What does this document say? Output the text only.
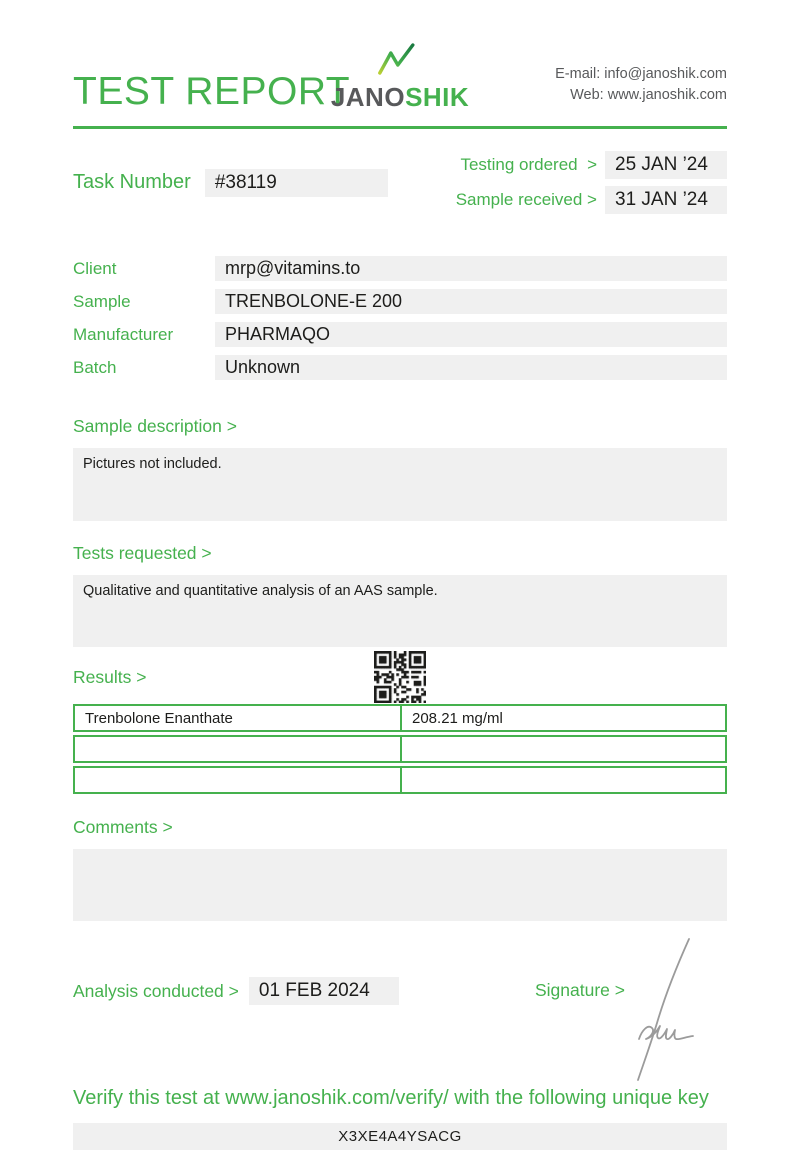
TEST REPORT
JANOSHIK
E-mail: info@janoshik.com
Web: www.janoshik.com
Task Number	#38119
Testing ordered  > 25 JAN ’24
Sample received > 31 JAN ’24
Client	mrp@vitamins.to
Sample	TRENBOLONE-E 200
Manufacturer	PHARMAQO
Batch	Unknown
Sample description >
Pictures not included.
Tests requested >
Qualitative and quantitative analysis of an AAS sample.
Results >
Trenbolone Enanthate	208.21 mg/ml

Comments >
Analysis conducted >	01 FEB 2024	Signature >
Verify this test at www.janoshik.com/verify/ with the following unique key
X3XE4A4YSACG
